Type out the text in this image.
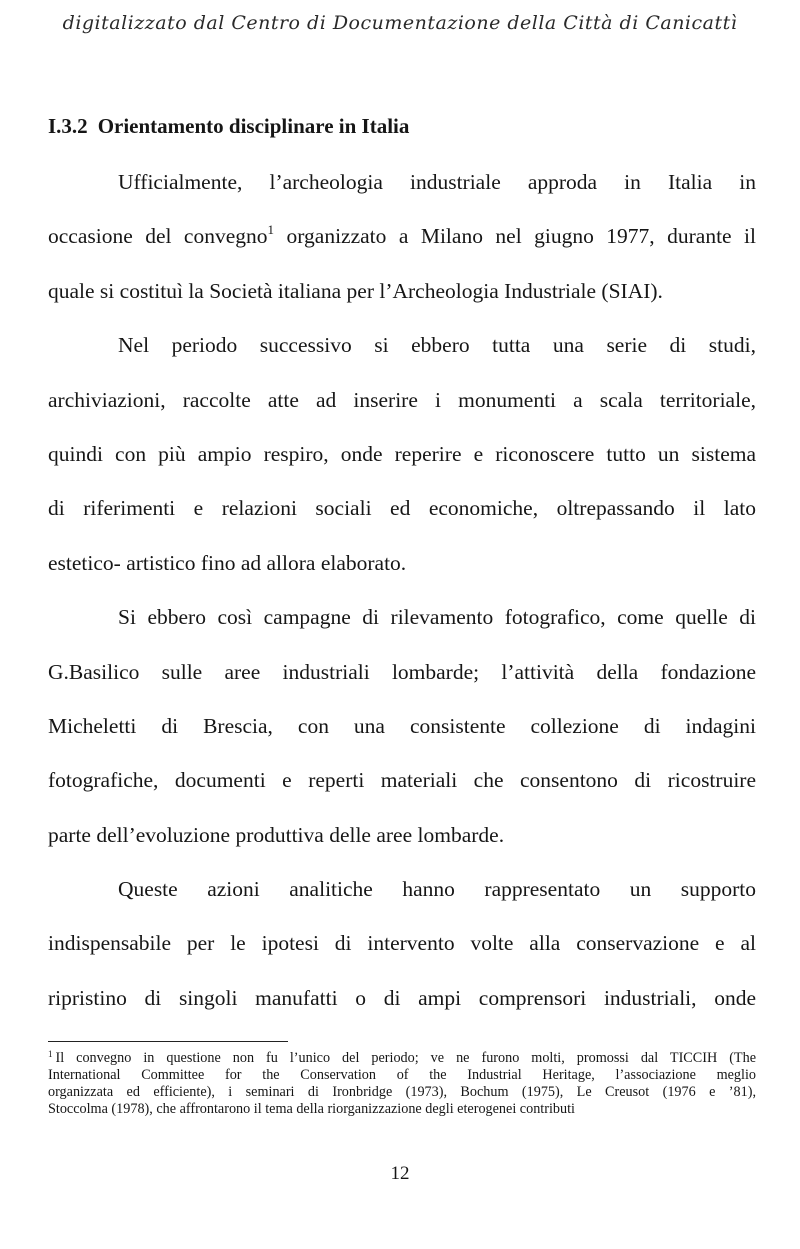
digitalizzato dal Centro di Documentazione della Città di Canicattì
I.3.2 Orientamento disciplinare in Italia
Ufficialmente, l’archeologia industriale approda in Italia in
occasione del convegno$^1$ organizzato a Milano nel giugno 1977, durante il
quale si costituì la Società italiana per l’Archeologia Industriale (SIAI).
Nel periodo successivo si ebbero tutta una serie di studi,
archiviazioni, raccolte atte ad inserire i monumenti a scala territoriale,
quindi con più ampio respiro, onde reperire e riconoscere tutto un sistema
di riferimenti e relazioni sociali ed economiche, oltrepassando il lato
estetico- artistico fino ad allora elaborato.
Si ebbero così campagne di rilevamento fotografico, come quelle di
G.Basilico sulle aree industriali lombarde; l’attività della fondazione
Micheletti di Brescia, con una consistente collezione di indagini
fotografiche, documenti e reperti materiali che consentono di ricostruire
parte dell’evoluzione produttiva delle aree lombarde.
Queste azioni analitiche hanno rappresentato un supporto
indispensabile per le ipotesi di intervento volte alla conservazione e al
ripristino di singoli manufatti o di ampi comprensori industriali, onde
$^1$ Il convegno in questione non fu l’unico del periodo; ve ne furono molti, promossi dal TICCIH (The
International Committee for the Conservation of the Industrial Heritage, l’associazione meglio
organizzata ed efficiente), i seminari di Ironbridge (1973), Bochum (1975), Le Creusot (1976 e ’81),
Stoccolma (1978), che affrontarono il tema della riorganizzazione degli eterogenei contributi
12
